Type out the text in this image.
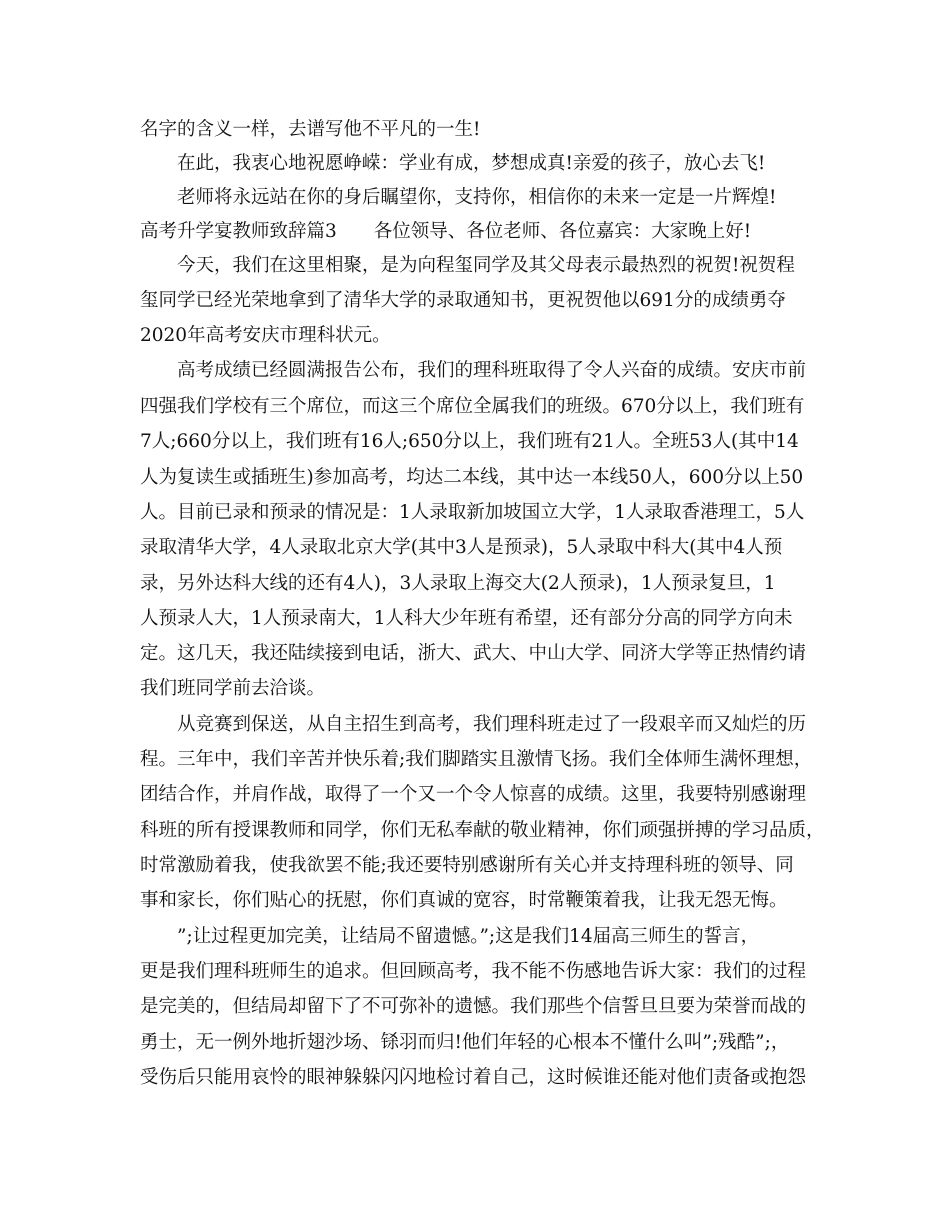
名字的含义一样，去谱写他不平凡的一生!
在此，我衷心地祝愿峥嵘：学业有成，梦想成真!亲爱的孩子，放心去飞!
老师将永远站在你的身后瞩望你，支持你，相信你的未来一定是一片辉煌!
高考升学宴教师致辞篇3　　各位领导、各位老师、各位嘉宾：大家晚上好!
今天，我们在这里相聚，是为向程玺同学及其父母表示最热烈的祝贺!祝贺程
玺同学已经光荣地拿到了清华大学的录取通知书，更祝贺他以691分的成绩勇夺
2020年高考安庆市理科状元。
高考成绩已经圆满报告公布，我们的理科班取得了令人兴奋的成绩。安庆市前
四强我们学校有三个席位，而这三个席位全属我们的班级。670分以上，我们班有
7人;660分以上，我们班有16人;650分以上，我们班有21人。全班53人(其中14
人为复读生或插班生)参加高考，均达二本线，其中达一本线50人，600分以上50
人。目前已录和预录的情况是：1人录取新加坡国立大学，1人录取香港理工，5人
录取清华大学，4人录取北京大学(其中3人是预录)，5人录取中科大(其中4人预
录，另外达科大线的还有4人)，3人录取上海交大(2人预录)，1人预录复旦，1
人预录人大，1人预录南大，1人科大少年班有希望，还有部分分高的同学方向未
定。这几天，我还陆续接到电话，浙大、武大、中山大学、同济大学等正热情约请
我们班同学前去洽谈。
从竞赛到保送，从自主招生到高考，我们理科班走过了一段艰辛而又灿烂的历
程。三年中，我们辛苦并快乐着;我们脚踏实且激情飞扬。我们全体师生满怀理想，
团结合作，并肩作战，取得了一个又一个令人惊喜的成绩。这里，我要特别感谢理
科班的所有授课教师和同学，你们无私奉献的敬业精神，你们顽强拼搏的学习品质，
时常激励着我，使我欲罢不能;我还要特别感谢所有关心并支持理科班的领导、同
事和家长，你们贴心的抚慰，你们真诚的宽容，时常鞭策着我，让我无怨无悔。
”;让过程更加完美，让结局不留遗憾。”;这是我们14届高三师生的誓言，
更是我们理科班师生的追求。但回顾高考，我不能不伤感地告诉大家：我们的过程
是完美的，但结局却留下了不可弥补的遗憾。我们那些个信誓旦旦要为荣誉而战的
勇士，无一例外地折翅沙场、铩羽而归!他们年轻的心根本不懂什么叫”;残酷”;，
受伤后只能用哀怜的眼神躲躲闪闪地检讨着自己，这时候谁还能对他们责备或抱怨
